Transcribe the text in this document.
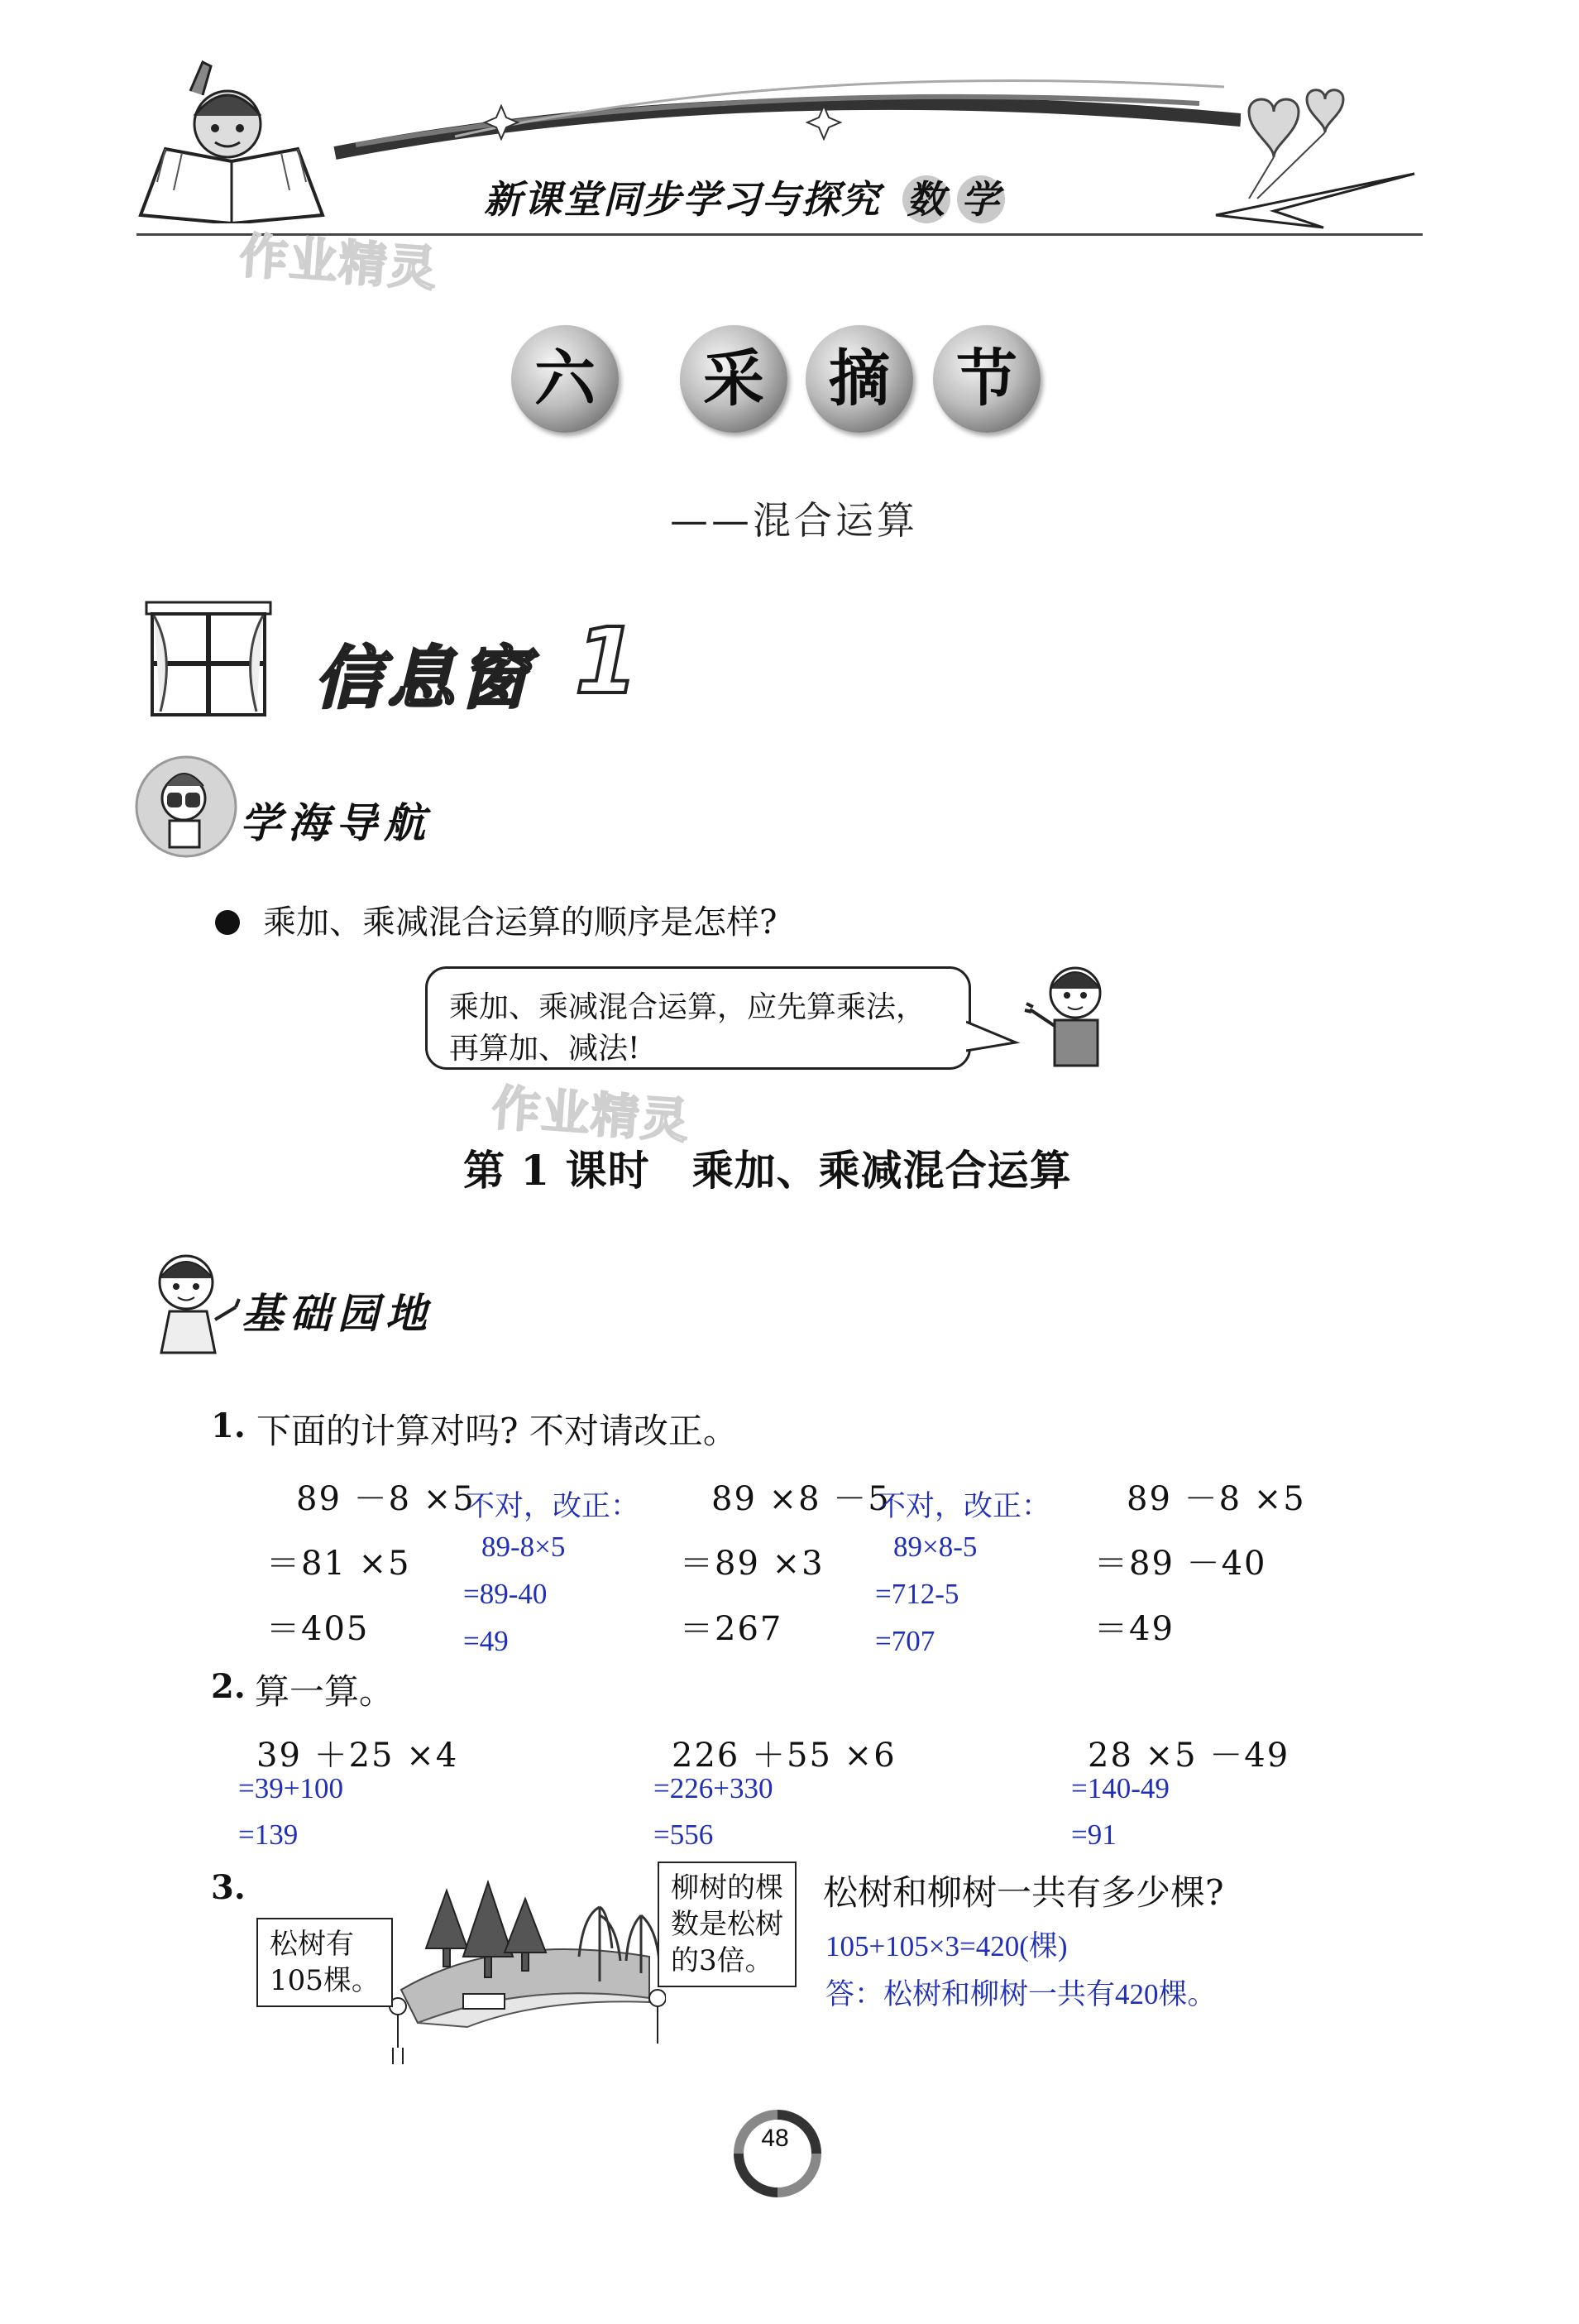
新课堂同步学习与探究 数 学
作业精灵
六	采	摘	节
——混合运算
信息窗 1
学海导航
乘加、乘减混合运算的顺序是怎样?
乘加、乘减混合运算，应先算乘法，
再算加、减法!
作业精灵
第 1 课时　乘加、乘减混合运算
基础园地
1. 下面的计算对吗? 不对请改正。
89 －8 ×5
＝81 ×5
＝405
不对，改正：
89-8×5
=89-40
=49
89 ×8 －5
＝89 ×3
＝267
不对，改正：
89×8-5
=712-5
=707
89 －8 ×5
＝89 －40
＝49
2. 算一算。
39 ＋25 ×4
=39+100
=139
226 ＋55 ×6
=226+330
=556
28 ×5 －49
=140-49
=91
3.
松树有
105棵。
柳树的棵
数是松树
的3倍。
松树和柳树一共有多少棵?
105+105×3=420(棵)
答：松树和柳树一共有420棵。
48
